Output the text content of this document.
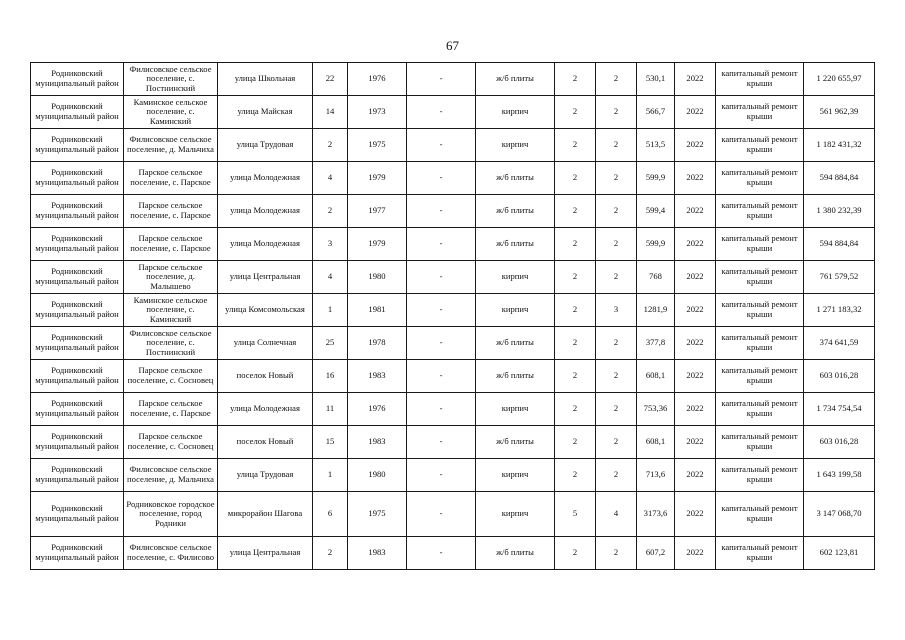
67
Родниковский муниципальный район	Филисовское сельское поселение, с. Постнинский	улица Школьная	22	1976	-	ж/б плиты	2	2	530,1	2022	капитальный ремонт крыши	1 220 655,97
Родниковский муниципальный район	Каминское сельское поселение, с. Каминский	улица Майская	14	1973	-	кирпич	2	2	566,7	2022	капитальный ремонт крыши	561 962,39
Родниковский муниципальный район	Филисовское сельское поселение, д. Мальчиха	улица Трудовая	2	1975	-	кирпич	2	2	513,5	2022	капитальный ремонт крыши	1 182 431,32
Родниковский муниципальный район	Парское сельское поселение, с. Парское	улица Молодежная	4	1979	-	ж/б плиты	2	2	599,9	2022	капитальный ремонт крыши	594 884,84
Родниковский муниципальный район	Парское сельское поселение, с. Парское	улица Молодежная	2	1977	-	ж/б плиты	2	2	599,4	2022	капитальный ремонт крыши	1 380 232,39
Родниковский муниципальный район	Парское сельское поселение, с. Парское	улица Молодежная	3	1979	-	ж/б плиты	2	2	599,9	2022	капитальный ремонт крыши	594 884,84
Родниковский муниципальный район	Парское сельское поселение, д. Малышево	улица Центральная	4	1980	-	кирпич	2	2	768	2022	капитальный ремонт крыши	761 579,52
Родниковский муниципальный район	Каминское сельское поселение, с. Каминский	улица Комсомольская	1	1981	-	кирпич	2	3	1281,9	2022	капитальный ремонт крыши	1 271 183,32
Родниковский муниципальный район	Филисовское сельское поселение, с. Постнинский	улица Солнечная	25	1978	-	ж/б плиты	2	2	377,8	2022	капитальный ремонт крыши	374 641,59
Родниковский муниципальный район	Парское сельское поселение, с. Сосновец	поселок Новый	16	1983	-	ж/б плиты	2	2	608,1	2022	капитальный ремонт крыши	603 016,28
Родниковский муниципальный район	Парское сельское поселение, с. Парское	улица Молодежная	11	1976	-	кирпич	2	2	753,36	2022	капитальный ремонт крыши	1 734 754,54
Родниковский муниципальный район	Парское сельское поселение, с. Сосновец	поселок Новый	15	1983	-	ж/б плиты	2	2	608,1	2022	капитальный ремонт крыши	603 016,28
Родниковский муниципальный район	Филисовское сельское поселение, д. Мальчиха	улица Трудовая	1	1980	-	кирпич	2	2	713,6	2022	капитальный ремонт крыши	1 643 199,58
Родниковский муниципальный район	Родниковское городское поселение, город Родники	микрорайон Шагова	6	1975	-	кирпич	5	4	3173,6	2022	капитальный ремонт крыши	3 147 068,70
Родниковский муниципальный район	Филисовское сельское поселение, с. Филисово	улица Центральная	2	1983	-	ж/б плиты	2	2	607,2	2022	капитальный ремонт крыши	602 123,81
